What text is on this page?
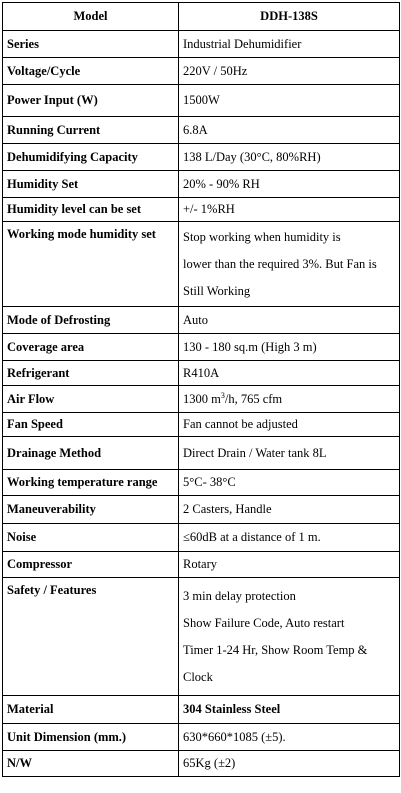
Model	DDH-138S
Series	Industrial Dehumidifier
Voltage/Cycle	220V / 50Hz
Power Input (W)	1500W
Running Current	6.8A
Dehumidifying Capacity	138 L/Day (30°C, 80%RH)
Humidity Set	20% - 90% RH
Humidity level can be set	+/- 1%RH
Working mode humidity set	Stop working when humidity is
lower than the required 3%. But Fan is
Still Working

Mode of Defrosting	Auto
Coverage area	130 - 180 sq.m (High 3 m)
Refrigerant	R410A
Air Flow	1300 $m^3/h$, 765 cfm
Fan Speed	Fan cannot be adjusted
Drainage Method	Direct Drain / Water tank 8L
Working temperature range	5°C- 38°C
Maneuverability	2 Casters, Handle
Noise	≤60dB at a distance of 1 m.
Compressor	Rotary
Safety / Features	3 min delay protection
Show Failure Code, Auto restart
Timer 1-24 Hr, Show Room Temp &
Clock

Material	304 Stainless Steel
Unit Dimension (mm.)	630*660*1085 (±5).
N/W	65Kg (±2)
